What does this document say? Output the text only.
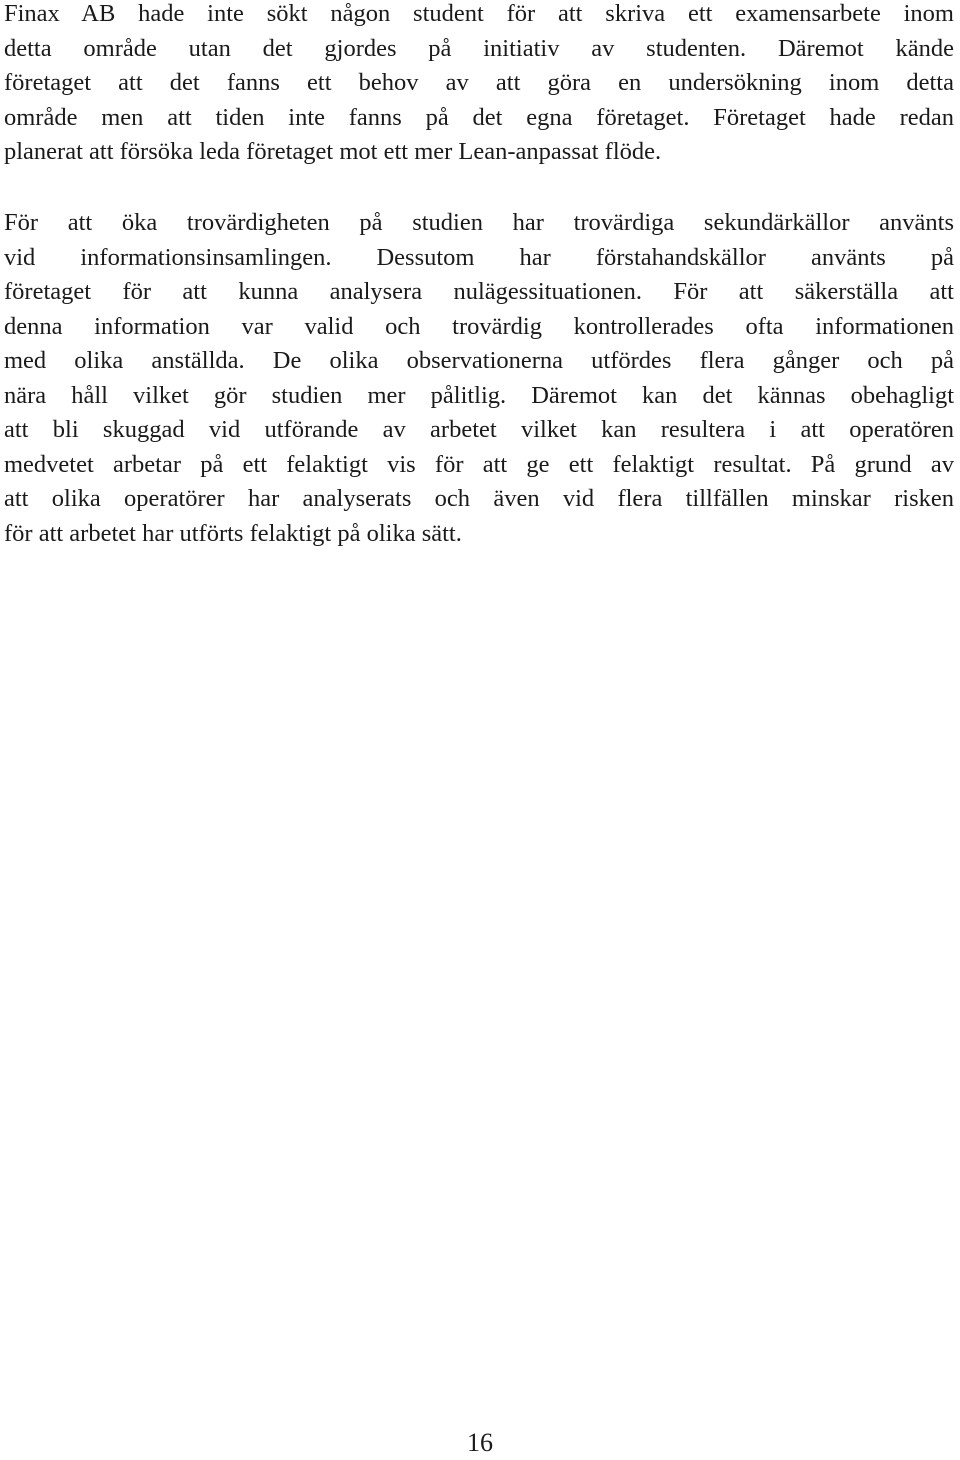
Finax AB hade inte sökt någon student för att skriva ett examensarbete inom
detta område utan det gjordes på initiativ av studenten. Däremot kände
företaget att det fanns ett behov av att göra en undersökning inom detta
område men att tiden inte fanns på det egna företaget. Företaget hade redan
planerat att försöka leda företaget mot ett mer Lean-anpassat flöde.
För att öka trovärdigheten på studien har trovärdiga sekundärkällor använts
vid informationsinsamlingen. Dessutom har förstahandskällor använts på
företaget för att kunna analysera nulägessituationen. För att säkerställa att
denna information var valid och trovärdig kontrollerades ofta informationen
med olika anställda. De olika observationerna utfördes flera gånger och på
nära håll vilket gör studien mer pålitlig. Däremot kan det kännas obehagligt
att bli skuggad vid utförande av arbetet vilket kan resultera i att operatören
medvetet arbetar på ett felaktigt vis för att ge ett felaktigt resultat. På grund av
att olika operatörer har analyserats och även vid flera tillfällen minskar risken
för att arbetet har utförts felaktigt på olika sätt.
16
